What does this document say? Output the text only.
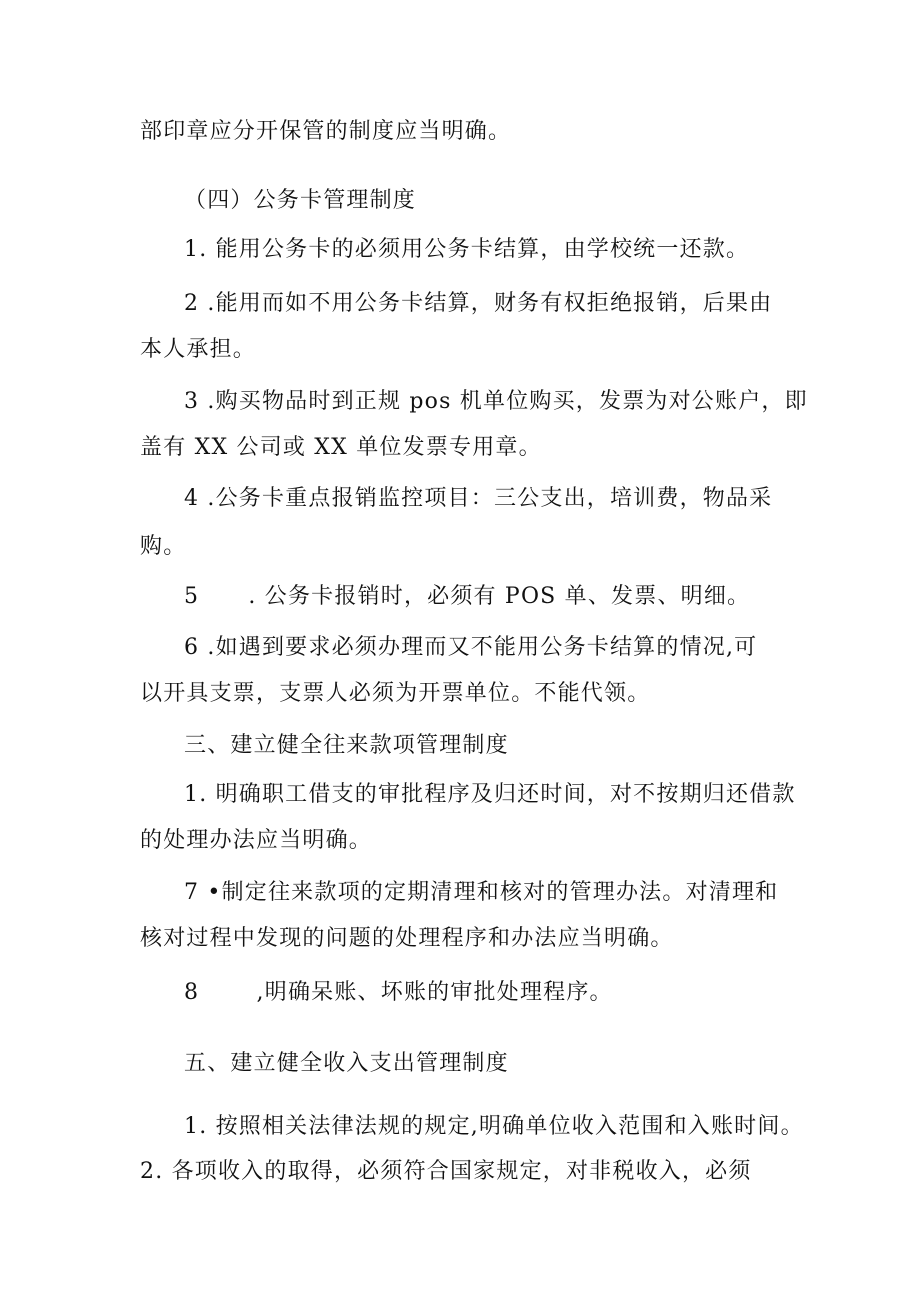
部印章应分开保管的制度应当明确。
（四）公务卡管理制度
1. 能用公务卡的必须用公务卡结算，由学校统一还款。
2 .能用而如不用公务卡结算，财务有权拒绝报销，后果由
本人承担。
3 .购买物品时到正规 pos 机单位购买，发票为对公账户，即
盖有 XX 公司或 XX 单位发票专用章。
4 .公务卡重点报销监控项目：三公支出，培训费，物品采
购。
5      . 公务卡报销时，必须有 POS 单、发票、明细。
6 .如遇到要求必须办理而又不能用公务卡结算的情况,可
以开具支票，支票人必须为开票单位。不能代领。
三、建立健全往来款项管理制度
1. 明确职工借支的审批程序及归还时间，对不按期归还借款
的处理办法应当明确。
7 •制定往来款项的定期清理和核对的管理办法。对清理和
核对过程中发现的问题的处理程序和办法应当明确。
8       ,明确呆账、坏账的审批处理程序。
五、建立健全收入支出管理制度
1. 按照相关法律法规的规定,明确单位收入范围和入账时间。
2. 各项收入的取得，必须符合国家规定，对非税收入，必须
